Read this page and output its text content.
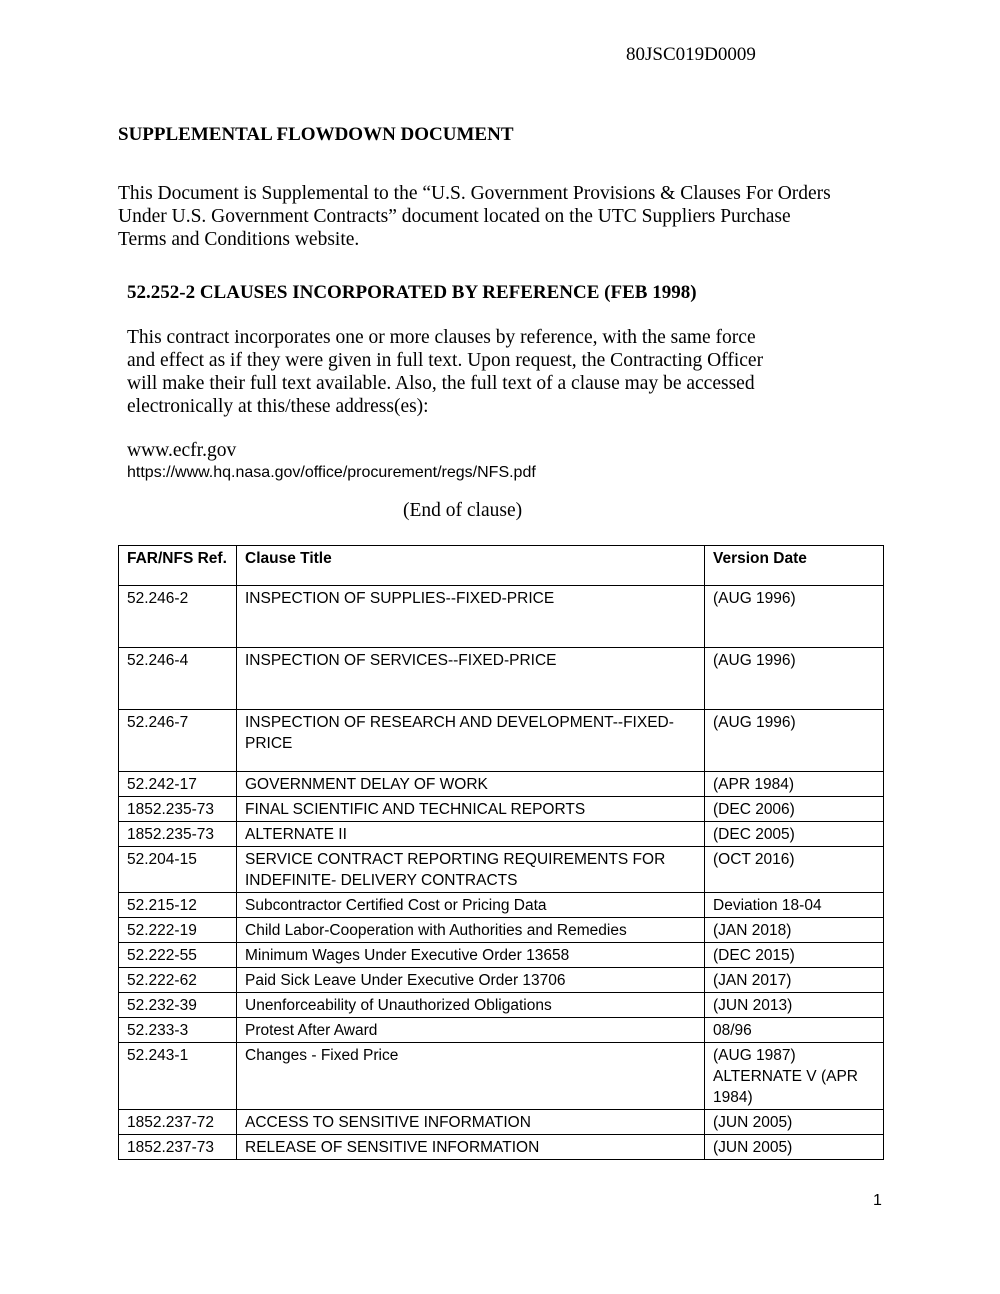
80JSC019D0009
SUPPLEMENTAL FLOWDOWN DOCUMENT
This Document is Supplemental to the “U.S. Government Provisions & Clauses For Orders
Under U.S. Government Contracts” document located on the UTC Suppliers Purchase
Terms and Conditions website.
52.252-2 CLAUSES INCORPORATED BY REFERENCE (FEB 1998)
This contract incorporates one or more clauses by reference, with the same force
and effect as if they were given in full text. Upon request, the Contracting Officer
will make their full text available. Also, the full text of a clause may be accessed
electronically at this/these address(es):
www.ecfr.gov
https://www.hq.nasa.gov/office/procurement/regs/NFS.pdf
(End of clause)
FAR/NFS Ref.	Clause Title	Version Date
52.246-2	INSPECTION OF SUPPLIES--FIXED-PRICE	(AUG 1996)
52.246-4	INSPECTION OF SERVICES--FIXED-PRICE	(AUG 1996)
52.246-7	INSPECTION OF RESEARCH AND DEVELOPMENT--FIXED-PRICE	(AUG 1996)
52.242-17	GOVERNMENT DELAY OF WORK	(APR 1984)
1852.235-73	FINAL SCIENTIFIC AND TECHNICAL REPORTS	(DEC 2006)
1852.235-73	ALTERNATE II	(DEC 2005)
52.204-15	SERVICE CONTRACT REPORTING REQUIREMENTS FOR
INDEFINITE- DELIVERY CONTRACTS	(OCT 2016)
52.215-12	Subcontractor Certified Cost or Pricing Data	Deviation 18-04
52.222-19	Child Labor-Cooperation with Authorities and Remedies	(JAN 2018)
52.222-55	Minimum Wages Under Executive Order 13658	(DEC 2015)
52.222-62	Paid Sick Leave Under Executive Order 13706	(JAN 2017)
52.232-39	Unenforceability of Unauthorized Obligations	(JUN 2013)
52.233-3	Protest After Award	08/96
52.243-1	Changes - Fixed Price	(AUG 1987)
ALTERNATE V (APR
1984)

1852.237-72	ACCESS TO SENSITIVE INFORMATION	(JUN 2005)
1852.237-73	RELEASE OF SENSITIVE INFORMATION	(JUN 2005)
1
